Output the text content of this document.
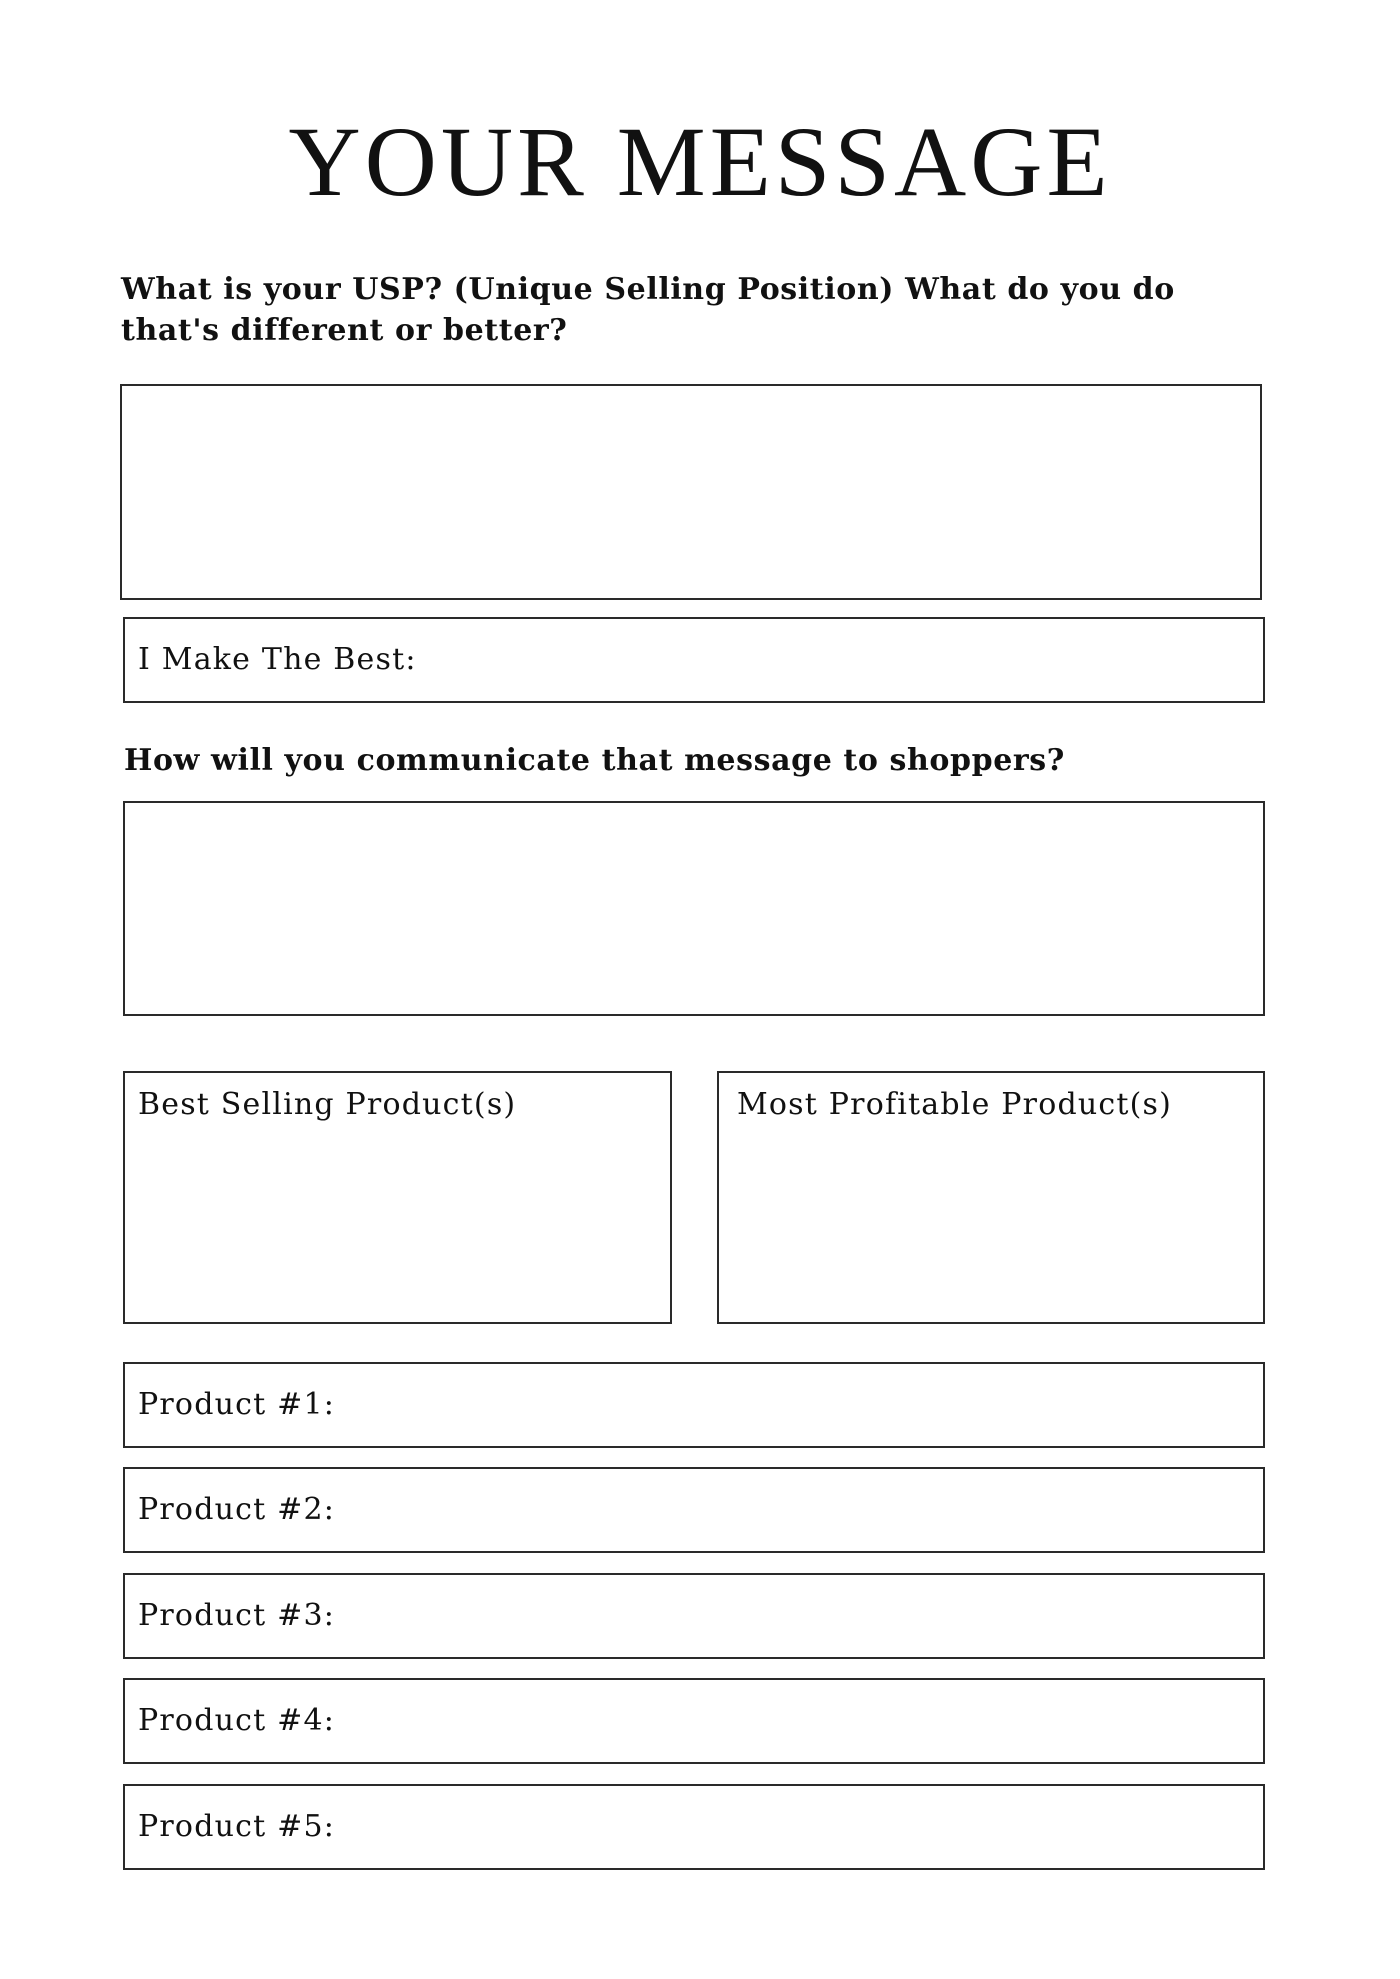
YOUR MESSAGE

What is your USP? (Unique Selling Position) What do you do that's different or better?

I Make The Best:

How will you communicate that message to shoppers?

Best Selling Product(s)	Most Profitable Product(s)
Product #1:
Product #2:
Product #3:
Product #4:
Product #5:
